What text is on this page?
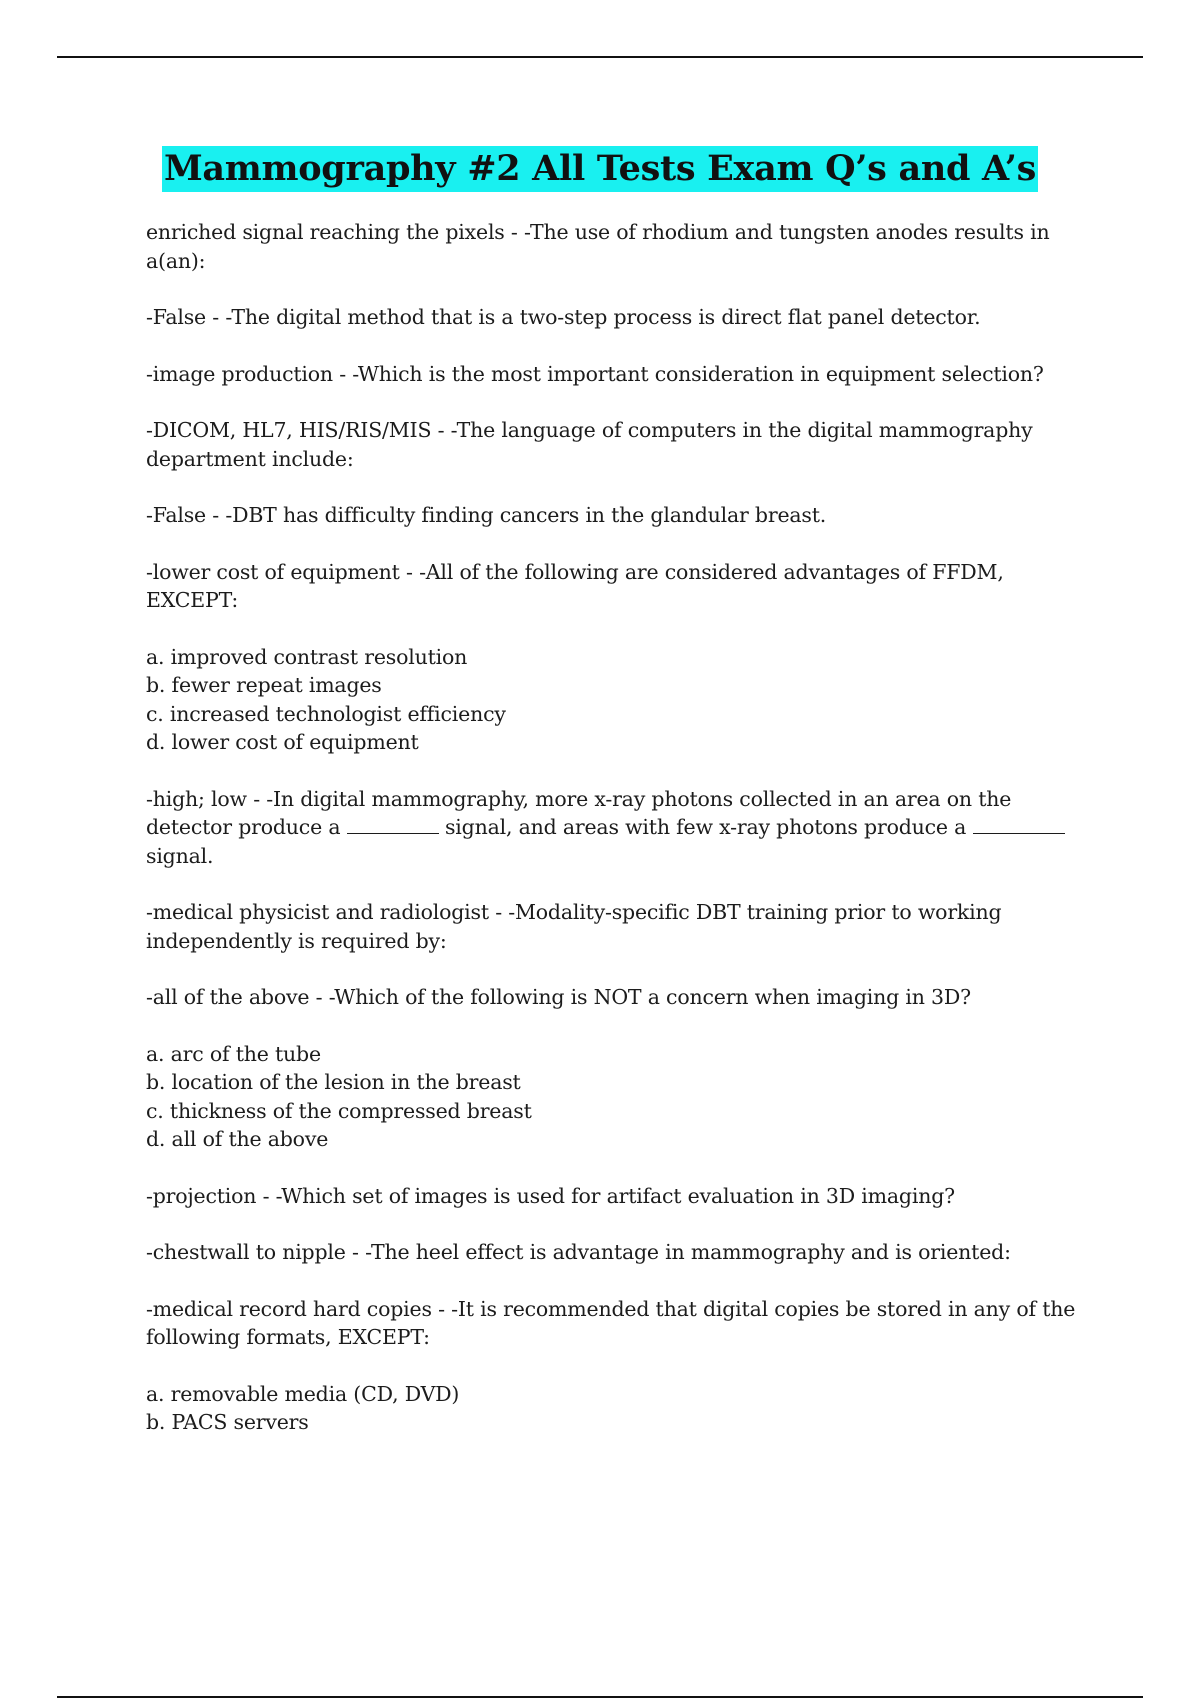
Mammography #2 All Tests Exam Q’s and A’s
enriched signal reaching the pixels - -The use of rhodium and tungsten anodes results in a(an):
-False - -The digital method that is a two-step process is direct flat panel detector.
-image production - -Which is the most important consideration in equipment selection?
-DICOM, HL7, HIS/RIS/MIS - -The language of computers in the digital mammography department include:
-False - -DBT has difficulty finding cancers in the glandular breast.
-lower cost of equipment - -All of the following are considered advantages of FFDM, EXCEPT:
a. improved contrast resolution
b. fewer repeat images
c. increased technologist efficiency
d. lower cost of equipment
-high; low - -In digital mammography, more x-ray photons collected in an area on the detector produce a	signal, and areas with few x-ray photons produce a  signal.
-medical physicist and radiologist - -Modality-specific DBT training prior to working independently is required by:
-all of the above - -Which of the following is NOT a concern when imaging in 3D?
a. arc of the tube
b. location of the lesion in the breast
c. thickness of the compressed breast
d. all of the above
-projection - -Which set of images is used for artifact evaluation in 3D imaging?
-chestwall to nipple - -The heel effect is advantage in mammography and is oriented:
-medical record hard copies - -It is recommended that digital copies be stored in any of the following formats, EXCEPT:
a. removable media (CD, DVD)
b. PACS servers
